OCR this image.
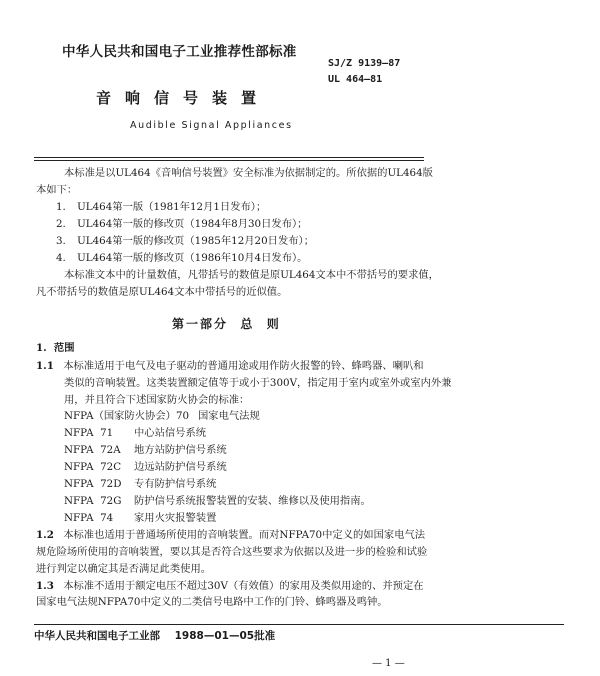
中华人民共和国电子工业推荐性部标准
SJ/Z 9139—87
UL 464—81
音响信号装置
Audible Signal Appliances
本标准是以UL464《音响信号装置》安全标准为依据制定的。所依据的UL464版
本如下：
1. UL464第一版（1981年12月1日发布）；
2. UL464第一版的修改页（1984年8月30日发布）；
3. UL464第一版的修改页（1985年12月20日发布）；
4. UL464第一版的修改页（1986年10月4日发布）。
本标准文本中的计量数值，凡带括号的数值是原UL464文本中不带括号的要求值，
凡不带括号的数值是原UL464文本中带括号的近似值。
第一部分  总  则
1.  范围
1.1 本标准适用于电气及电子驱动的普通用途或用作防火报警的铃、蜂鸣器、喇叭和
类似的音响装置。这类装置额定值等于或小于300V，指定用于室内或室外或室内外兼
用，并且符合下述国家防火协会的标准：
NFPA（国家防火协会）70 国家电气法规
NFPA  71 中心站信号系统
NFPA  72A 地方站防护信号系统
NFPA  72C 边远站防护信号系统
NFPA  72D 专有防护信号系统
NFPA  72G 防护信号系统报警装置的安装、维修以及使用指南。
NFPA  74 家用火灾报警装置
1.2 本标准也适用于普通场所使用的音响装置。而对NFPA70中定义的如国家电气法
规危险场所使用的音响装置，要以其是否符合这些要求为依据以及进一步的检验和试验
进行判定以确定其是否满足此类使用。
1.3 本标准不适用于额定电压不超过30V（有效值）的家用及类似用途的、并预定在
国家电气法规NFPA70中定义的二类信号电路中工作的门铃、蜂鸣器及鸣钟。
中华人民共和国电子工业部    1988—01—05批准
— 1 —
